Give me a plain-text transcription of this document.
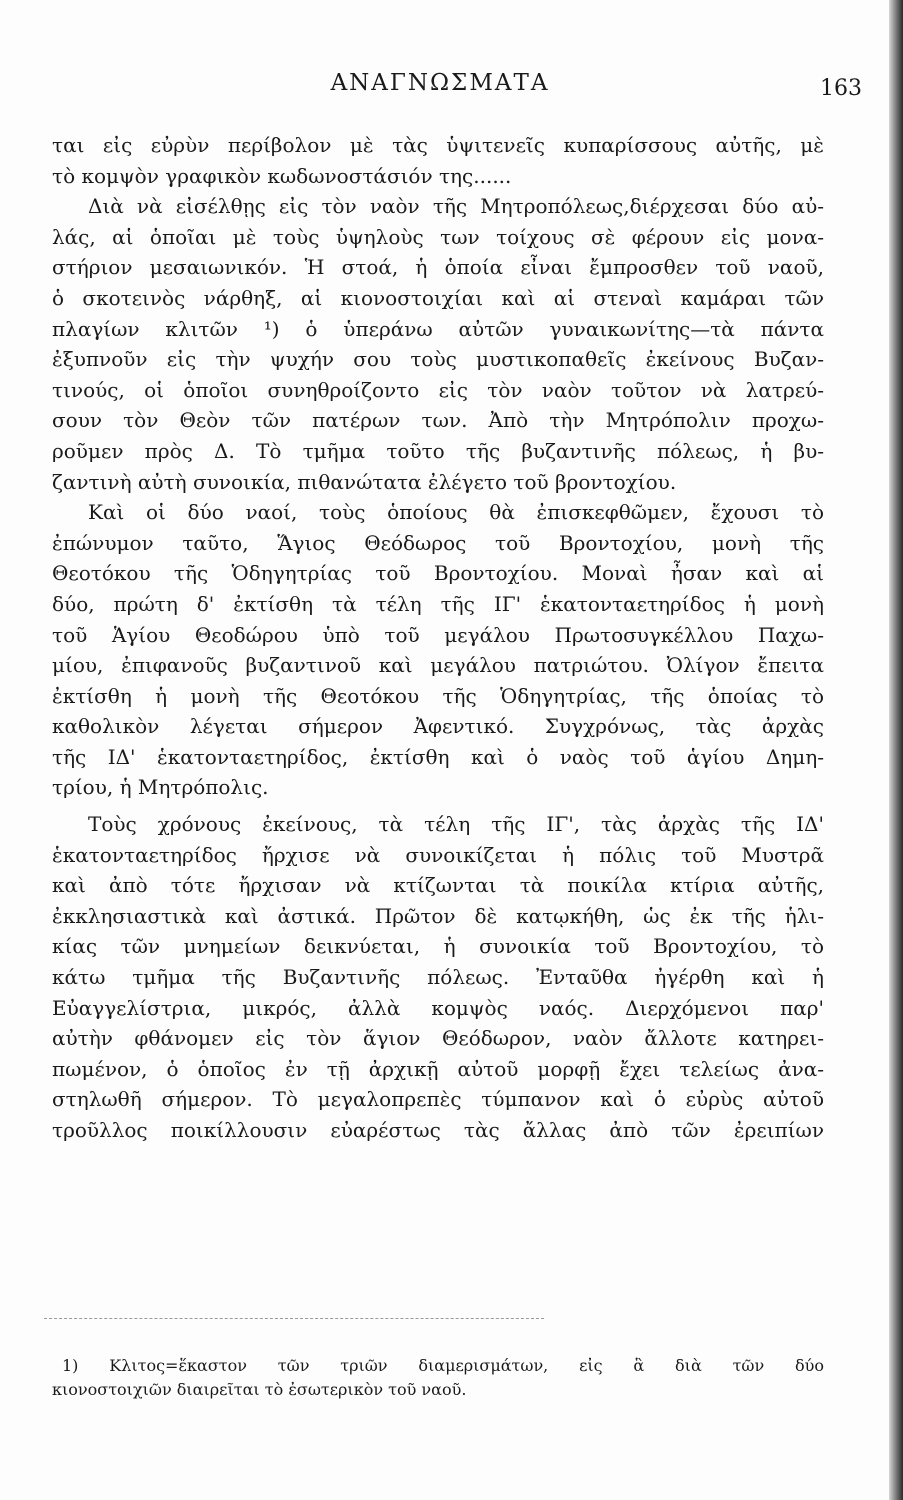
ΑΝΑΓΝΩΣΜΑΤΑ	163
ται εἰς εὐρὺν περίβολον μὲ τὰς ὑψιτενεῖς κυπαρίσσους αὐτῆς, μὲ
τὸ κομψὸν γραφικὸν κωδωνοστάσιόν της......
Διὰ νὰ εἰσέλθῃς εἰς τὸν ναὸν τῆς Μητροπόλεως,διέρχεσαι δύο αὐ-
λάς, αἱ ὁποῖαι μὲ τοὺς ὑψηλοὺς των τοίχους σὲ φέρουν εἰς μονα-
στήριον μεσαιωνικόν. Ἡ στοά, ἡ ὁποία εἶναι ἔμπροσθεν τοῦ ναοῦ,
ὁ σκοτεινὸς νάρθηξ, αἱ κιονοστοιχίαι καὶ αἱ στεναὶ καμάραι τῶν
πλαγίων κλιτῶν ¹) ὁ ὑπεράνω αὐτῶν γυναικωνίτης—τὰ πάντα
ἐξυπνοῦν εἰς τὴν ψυχήν σου τοὺς μυστικοπαθεῖς ἐκείνους Βυζαν-
τινούς, οἱ ὁποῖοι συνηθροίζοντο εἰς τὸν ναὸν τοῦτον νὰ λατρεύ-
σουν τὸν Θεὸν τῶν πατέρων των. Ἀπὸ τὴν Μητρόπολιν προχω-
ροῦμεν πρὸς Δ. Τὸ τμῆμα τοῦτο τῆς βυζαντινῆς πόλεως, ἡ βυ-
ζαντινὴ αὐτὴ συνοικία, πιθανώτατα ἐλέγετο τοῦ βροντοχίου.
Καὶ οἱ δύο ναοί, τοὺς ὁποίους θὰ ἐπισκεφθῶμεν, ἔχουσι τὸ
ἐπώνυμον ταῦτο, Ἅγιος Θεόδωρος τοῦ Βροντοχίου, μονὴ τῆς
Θεοτόκου τῆς Ὁδηγητρίας τοῦ Βροντοχίου. Μοναὶ ἦσαν καὶ αἱ
δύο, πρώτη δ' ἐκτίσθη τὰ τέλη τῆς ΙΓ' ἑκατονταετηρίδος ἡ μονὴ
τοῦ Ἁγίου Θεοδώρου ὑπὸ τοῦ μεγάλου Πρωτοσυγκέλλου Παχω-
μίου, ἐπιφανοῦς βυζαντινοῦ καὶ μεγάλου πατριώτου. Ὀλίγον ἔπειτα
ἐκτίσθη ἡ μονὴ τῆς Θεοτόκου τῆς Ὁδηγητρίας, τῆς ὁποίας τὸ
καθολικὸν λέγεται σήμερον Ἀφεντικό. Συγχρόνως, τὰς ἀρχὰς
τῆς ΙΔ' ἑκατονταετηρίδος, ἐκτίσθη καὶ ὁ ναὸς τοῦ ἁγίου Δημη-
τρίου, ἡ Μητρόπολις.
Τοὺς χρόνους ἐκείνους, τὰ τέλη τῆς ΙΓ', τὰς ἀρχὰς τῆς ΙΔ'
ἑκατονταετηρίδος ἤρχισε νὰ συνοικίζεται ἡ πόλις τοῦ Μυστρᾶ
καὶ ἀπὸ τότε ἤρχισαν νὰ κτίζωνται τὰ ποικίλα κτίρια αὐτῆς,
ἐκκλησιαστικὰ καὶ ἀστικά. Πρῶτον δὲ κατῳκήθη, ὡς ἐκ τῆς ἡλι-
κίας τῶν μνημείων δεικνύεται, ἡ συνοικία τοῦ Βροντοχίου, τὸ
κάτω τμῆμα τῆς Βυζαντινῆς πόλεως. Ἐνταῦθα ἠγέρθη καὶ ἡ
Εὐαγγελίστρια, μικρός, ἀλλὰ κομψὸς ναός. Διερχόμενοι παρ'
αὐτὴν φθάνομεν εἰς τὸν ἅγιον Θεόδωρον, ναὸν ἄλλοτε κατηρει-
πωμένον, ὁ ὁποῖος ἐν τῇ ἀρχικῇ αὐτοῦ μορφῇ ἔχει τελείως ἀνα-
στηλωθῆ σήμερον. Τὸ μεγαλοπρεπὲς τύμπανον καὶ ὁ εὐρὺς αὐτοῦ
τροῦλλος ποικίλλουσιν εὐαρέστως τὰς ἄλλας ἀπὸ τῶν ἐρειπίων
1) Κλιτος=ἕκαστον τῶν τριῶν διαμερισμάτων, εἰς ἃ διὰ τῶν δύο
κιονοστοιχιῶν διαιρεῖται τὸ ἐσωτερικὸν τοῦ ναοῦ.
